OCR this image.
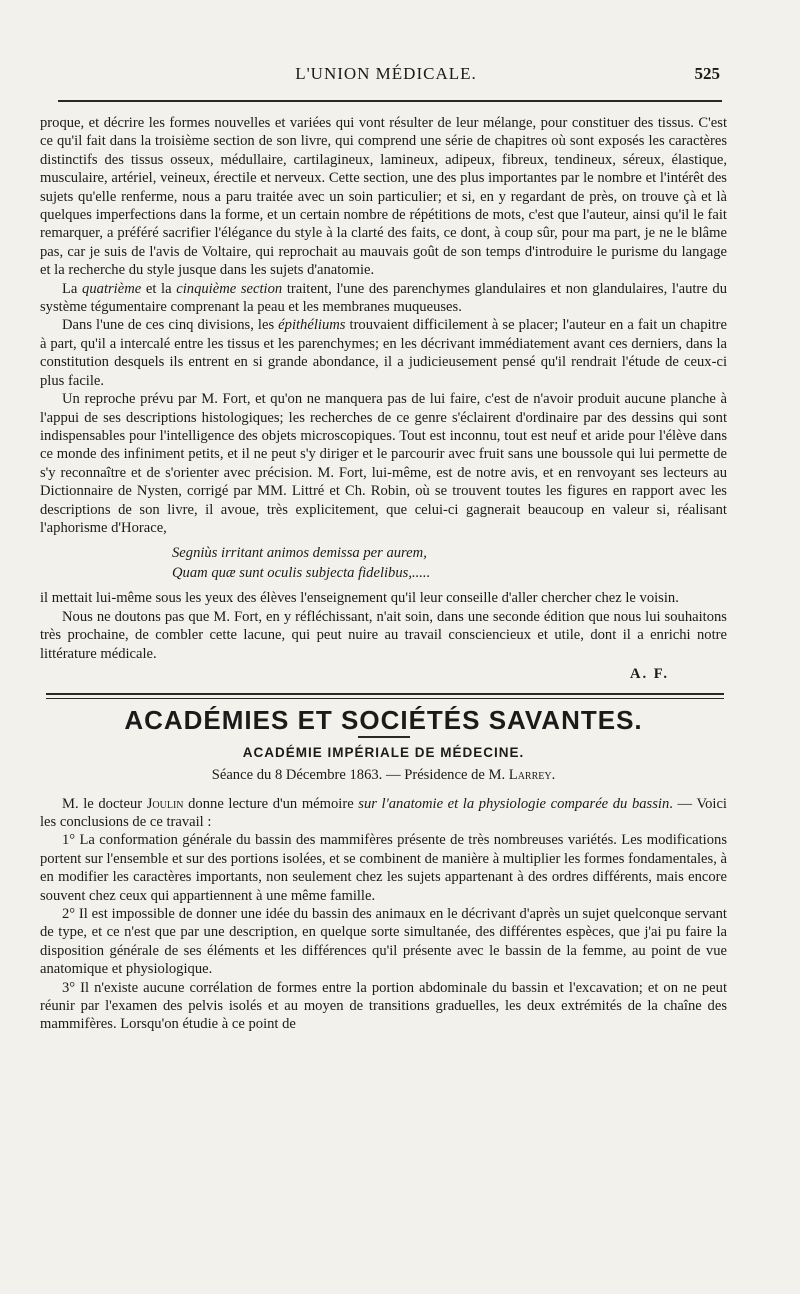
L'UNION MÉDICALE.	525

proque, et décrire les formes nouvelles et variées qui vont résulter de leur mélange, pour constituer des tissus. C'est ce qu'il fait dans la troisième section de son livre, qui comprend une série de chapitres où sont exposés les caractères distinctifs des tissus osseux, médullaire, cartilagineux, lamineux, adipeux, fibreux, tendineux, séreux, élastique, musculaire, artériel, veineux, érectile et nerveux. Cette section, une des plus importantes par le nombre et l'intérêt des sujets qu'elle renferme, nous a paru traitée avec un soin particulier; et si, en y regardant de près, on trouve çà et là quelques imperfections dans la forme, et un certain nombre de répétitions de mots, c'est que l'auteur, ainsi qu'il le fait remarquer, a préféré sacrifier l'élégance du style à la clarté des faits, ce dont, à coup sûr, pour ma part, je ne le blâme pas, car je suis de l'avis de Voltaire, qui reprochait au mauvais goût de son temps d'introduire le purisme du langage et la recherche du style jusque dans les sujets d'anatomie.

La quatrième et la cinquième section traitent, l'une des parenchymes glandulaires et non glandulaires, l'autre du système tégumentaire comprenant la peau et les membranes muqueuses.

Dans l'une de ces cinq divisions, les épithéliums trouvaient difficilement à se placer; l'auteur en a fait un chapitre à part, qu'il a intercalé entre les tissus et les parenchymes; en les décrivant immédiatement avant ces derniers, dans la constitution desquels ils entrent en si grande abondance, il a judicieusement pensé qu'il rendrait l'étude de ceux-ci plus facile.

Un reproche prévu par M. Fort, et qu'on ne manquera pas de lui faire, c'est de n'avoir produit aucune planche à l'appui de ses descriptions histologiques; les recherches de ce genre s'éclairent d'ordinaire par des dessins qui sont indispensables pour l'intelligence des objets microscopiques. Tout est inconnu, tout est neuf et aride pour l'élève dans ce monde des infiniment petits, et il ne peut s'y diriger et le parcourir avec fruit sans une boussole qui lui permette de s'y reconnaître et de s'orienter avec précision. M. Fort, lui-même, est de notre avis, et en renvoyant ses lecteurs au Dictionnaire de Nysten, corrigé par MM. Littré et Ch. Robin, où se trouvent toutes les figures en rapport avec les descriptions de son livre, il avoue, très explicitement, que celui-ci gagnerait beaucoup en valeur si, réalisant l'aphorisme d'Horace,

Segniùs irritant animos demissa per aurem,
Quam quæ sunt oculis subjecta fidelibus,.....

il mettait lui-même sous les yeux des élèves l'enseignement qu'il leur conseille d'aller chercher chez le voisin.

Nous ne doutons pas que M. Fort, en y réfléchissant, n'ait soin, dans une seconde édition que nous lui souhaitons très prochaine, de combler cette lacune, qui peut nuire au travail consciencieux et utile, dont il a enrichi notre littérature médicale.

A. F.
ACADÉMIES ET SOCIÉTÉS SAVANTES.
ACADÉMIE IMPÉRIALE DE MÉDECINE.
Séance du 8 Décembre 1863. — Présidence de M. Larrey.

M. le docteur Joulin donne lecture d'un mémoire sur l'anatomie et la physiologie comparée du bassin. — Voici les conclusions de ce travail :

1° La conformation générale du bassin des mammifères présente de très nombreuses variétés. Les modifications portent sur l'ensemble et sur des portions isolées, et se combinent de manière à multiplier les formes fondamentales, à en modifier les caractères importants, non seulement chez les sujets appartenant à des ordres différents, mais encore souvent chez ceux qui appartiennent à une même famille.

2° Il est impossible de donner une idée du bassin des animaux en le décrivant d'après un sujet quelconque servant de type, et ce n'est que par une description, en quelque sorte simultanée, des différentes espèces, que j'ai pu faire la disposition générale de ses éléments et les différences qu'il présente avec le bassin de la femme, au point de vue anatomique et physiologique.

3° Il n'existe aucune corrélation de formes entre la portion abdominale du bassin et l'excavation; et on ne peut réunir par l'examen des pelvis isolés et au moyen de transitions graduelles, les deux extrémités de la chaîne des mammifères. Lorsqu'on étudie à ce point de
